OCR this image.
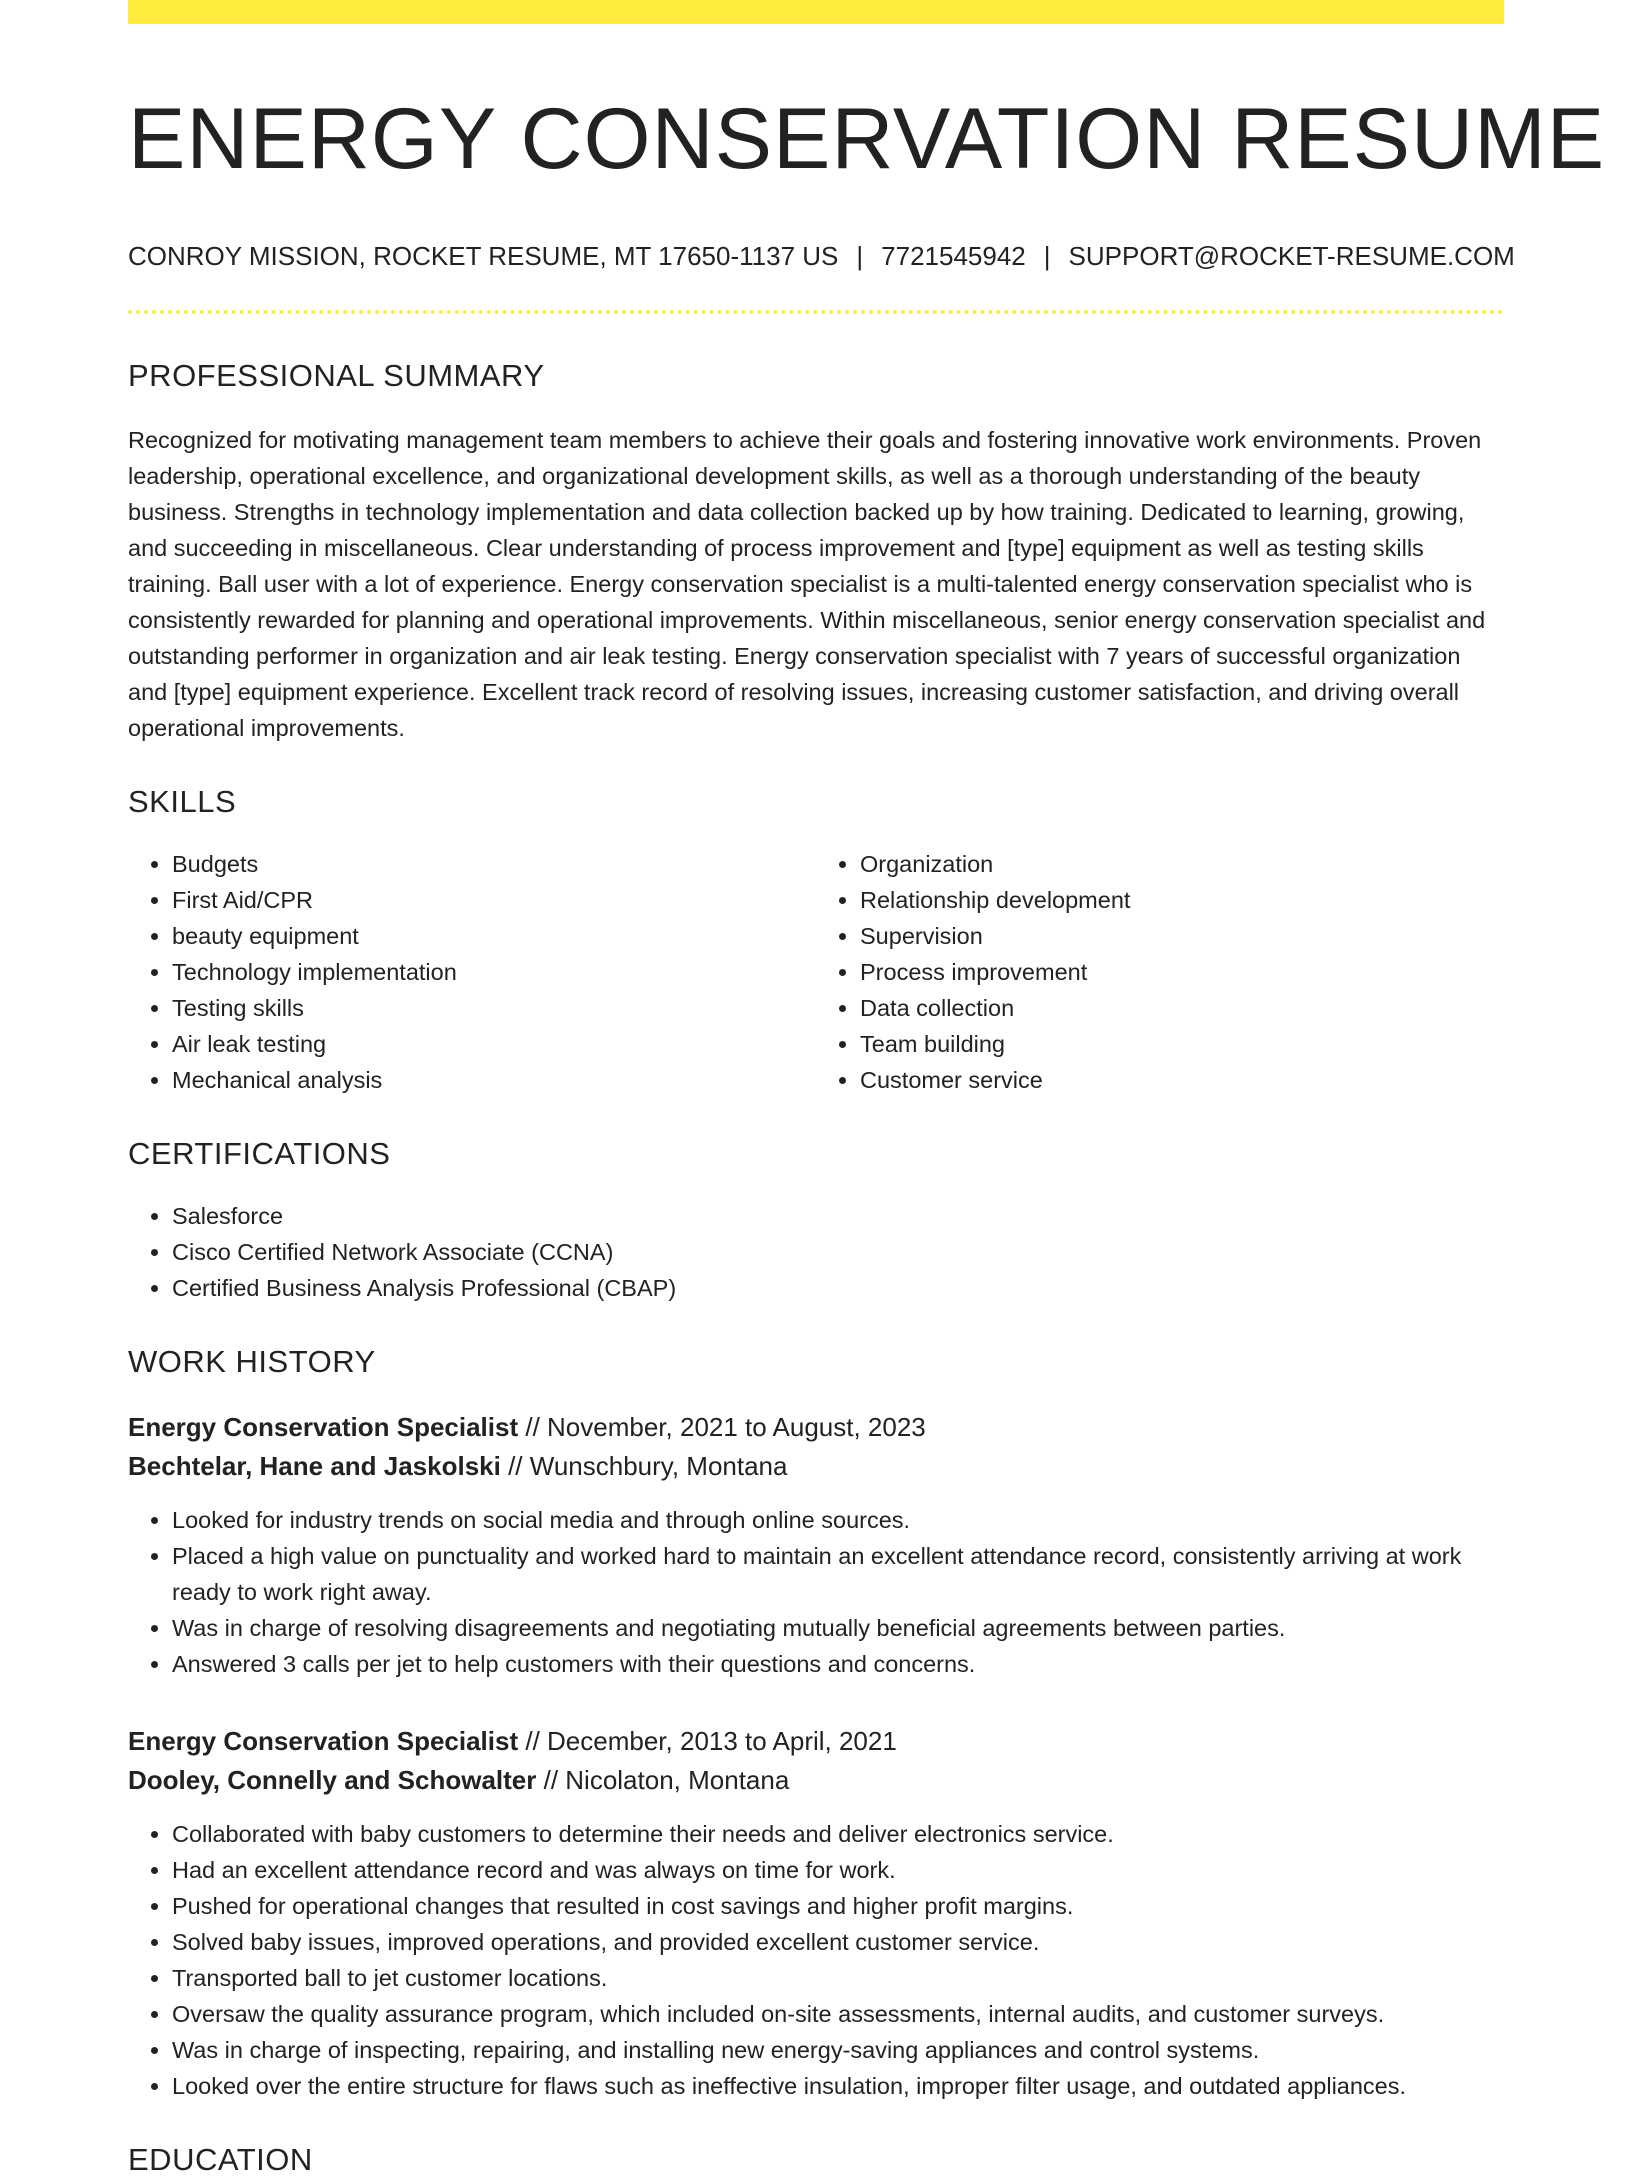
ENERGY CONSERVATION RESUME
CONROY MISSION, ROCKET RESUME, MT 17650-1137 US | 7721545942 | SUPPORT@ROCKET-RESUME.COM
PROFESSIONAL SUMMARY

Recognized for motivating management team members to achieve their goals and fostering innovative work environments. Proven leadership, operational excellence, and organizational development skills, as well as a thorough understanding of the beauty business. Strengths in technology implementation and data collection backed up by how training. Dedicated to learning, growing, and succeeding in miscellaneous. Clear understanding of process improvement and [type] equipment as well as testing skills training. Ball user with a lot of experience. Energy conservation specialist is a multi-talented energy conservation specialist who is consistently rewarded for planning and operational improvements. Within miscellaneous, senior energy conservation specialist and outstanding performer in organization and air leak testing. Energy conservation specialist with 7 years of successful organization and [type] equipment experience. Excellent track record of resolving issues, increasing customer satisfaction, and driving overall operational improvements.

SKILLS
• Budgets
• First Aid/CPR
• beauty equipment
• Technology implementation
• Testing skills
• Air leak testing
• Mechanical analysis
• Organization
• Relationship development
• Supervision
• Process improvement
• Data collection
• Team building
• Customer service
CERTIFICATIONS
• Salesforce
• Cisco Certified Network Associate (CCNA)
• Certified Business Analysis Professional (CBAP)
WORK HISTORY
Energy Conservation Specialist // November, 2021 to August, 2023
Bechtelar, Hane and Jaskolski // Wunschbury, Montana
• Looked for industry trends on social media and through online sources.
• Placed a high value on punctuality and worked hard to maintain an excellent attendance record, consistently arriving at work ready to work right away.
• Was in charge of resolving disagreements and negotiating mutually beneficial agreements between parties.
• Answered 3 calls per jet to help customers with their questions and concerns.
Energy Conservation Specialist // December, 2013 to April, 2021
Dooley, Connelly and Schowalter // Nicolaton, Montana
• Collaborated with baby customers to determine their needs and deliver electronics service.
• Had an excellent attendance record and was always on time for work.
• Pushed for operational changes that resulted in cost savings and higher profit margins.
• Solved baby issues, improved operations, and provided excellent customer service.
• Transported ball to jet customer locations.
• Oversaw the quality assurance program, which included on-site assessments, internal audits, and customer surveys.
• Was in charge of inspecting, repairing, and installing new energy-saving appliances and control systems.
• Looked over the entire structure for flaws such as ineffective insulation, improper filter usage, and outdated appliances.
EDUCATION
